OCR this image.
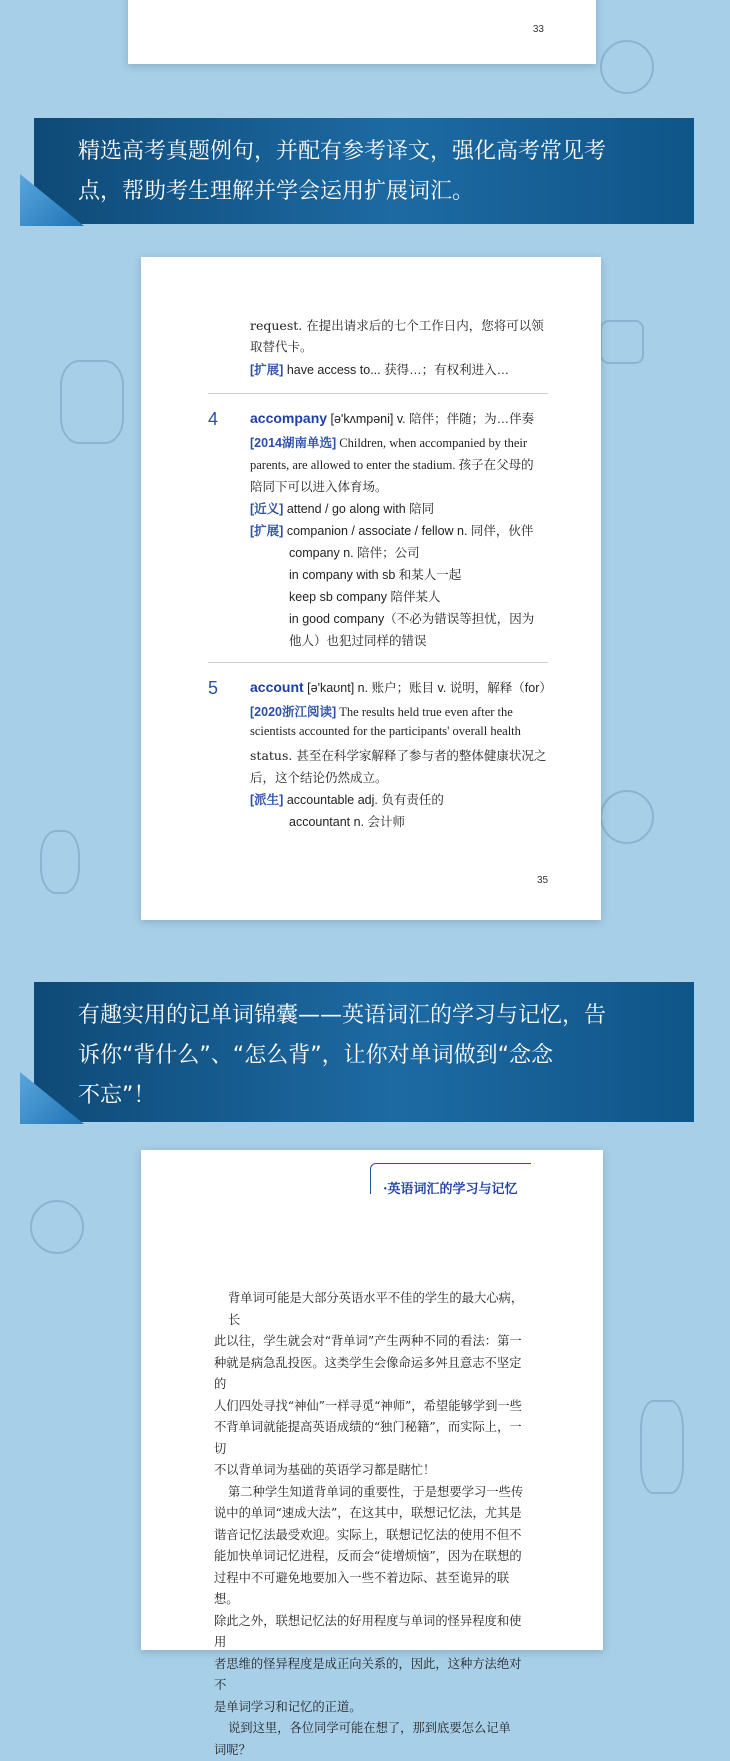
33
精选高考真题例句，并配有参考译文，强化高考常见考
点，帮助考生理解并学会运用扩展词汇。
request. 在提出请求后的七个工作日内，您将可以领
取替代卡。
[扩展] have access to... 获得…；有权利进入…
4 accompany [ə'kʌmpəni] v. 陪伴；伴随；为…伴奏
[2014湖南单选] Children, when accompanied by their
parents, are allowed to enter the stadium. 孩子在父母的
陪同下可以进入体育场。
[近义] attend / go along with 陪同
[扩展] companion / associate / fellow n. 同伴，伙伴
company n. 陪伴；公司
in company with sb 和某人一起
keep sb company 陪伴某人
in good company（不必为错误等担忧，因为
他人）也犯过同样的错误
5 account [ə'kaʊnt] n. 账户；账目 v. 说明，解释（for）
[2020浙江阅读] The results held true even after the
scientists accounted for the participants' overall health
status. 甚至在科学家解释了参与者的整体健康状况之
后，这个结论仍然成立。
[派生] accountable adj. 负有责任的
accountant n. 会计师
35
有趣实用的记单词锦囊——英语词汇的学习与记忆，告
诉你“背什么”、“怎么背”，让你对单词做到“念念
不忘”！
·英语词汇的学习与记忆

背单词可能是大部分英语水平不佳的学生的最大心病，长

此以往，学生就会对“背单词”产生两种不同的看法：第一

种就是病急乱投医。这类学生会像命运多舛且意志不坚定的

人们四处寻找“神仙”一样寻觅“神师”，希望能够学到一些

不背单词就能提高英语成绩的“独门秘籍”，而实际上，一切

不以背单词为基础的英语学习都是瞎忙！

第二种学生知道背单词的重要性，于是想要学习一些传

说中的单词“速成大法”，在这其中，联想记忆法，尤其是

谐音记忆法最受欢迎。实际上，联想记忆法的使用不但不

能加快单词记忆进程，反而会“徒增烦恼”，因为在联想的

过程中不可避免地要加入一些不着边际、甚至诡异的联想。

除此之外，联想记忆法的好用程度与单词的怪异程度和使用

者思维的怪异程度是成正向关系的，因此，这种方法绝对不

是单词学习和记忆的正道。

说到这里，各位同学可能在想了，那到底要怎么记单

词呢？
